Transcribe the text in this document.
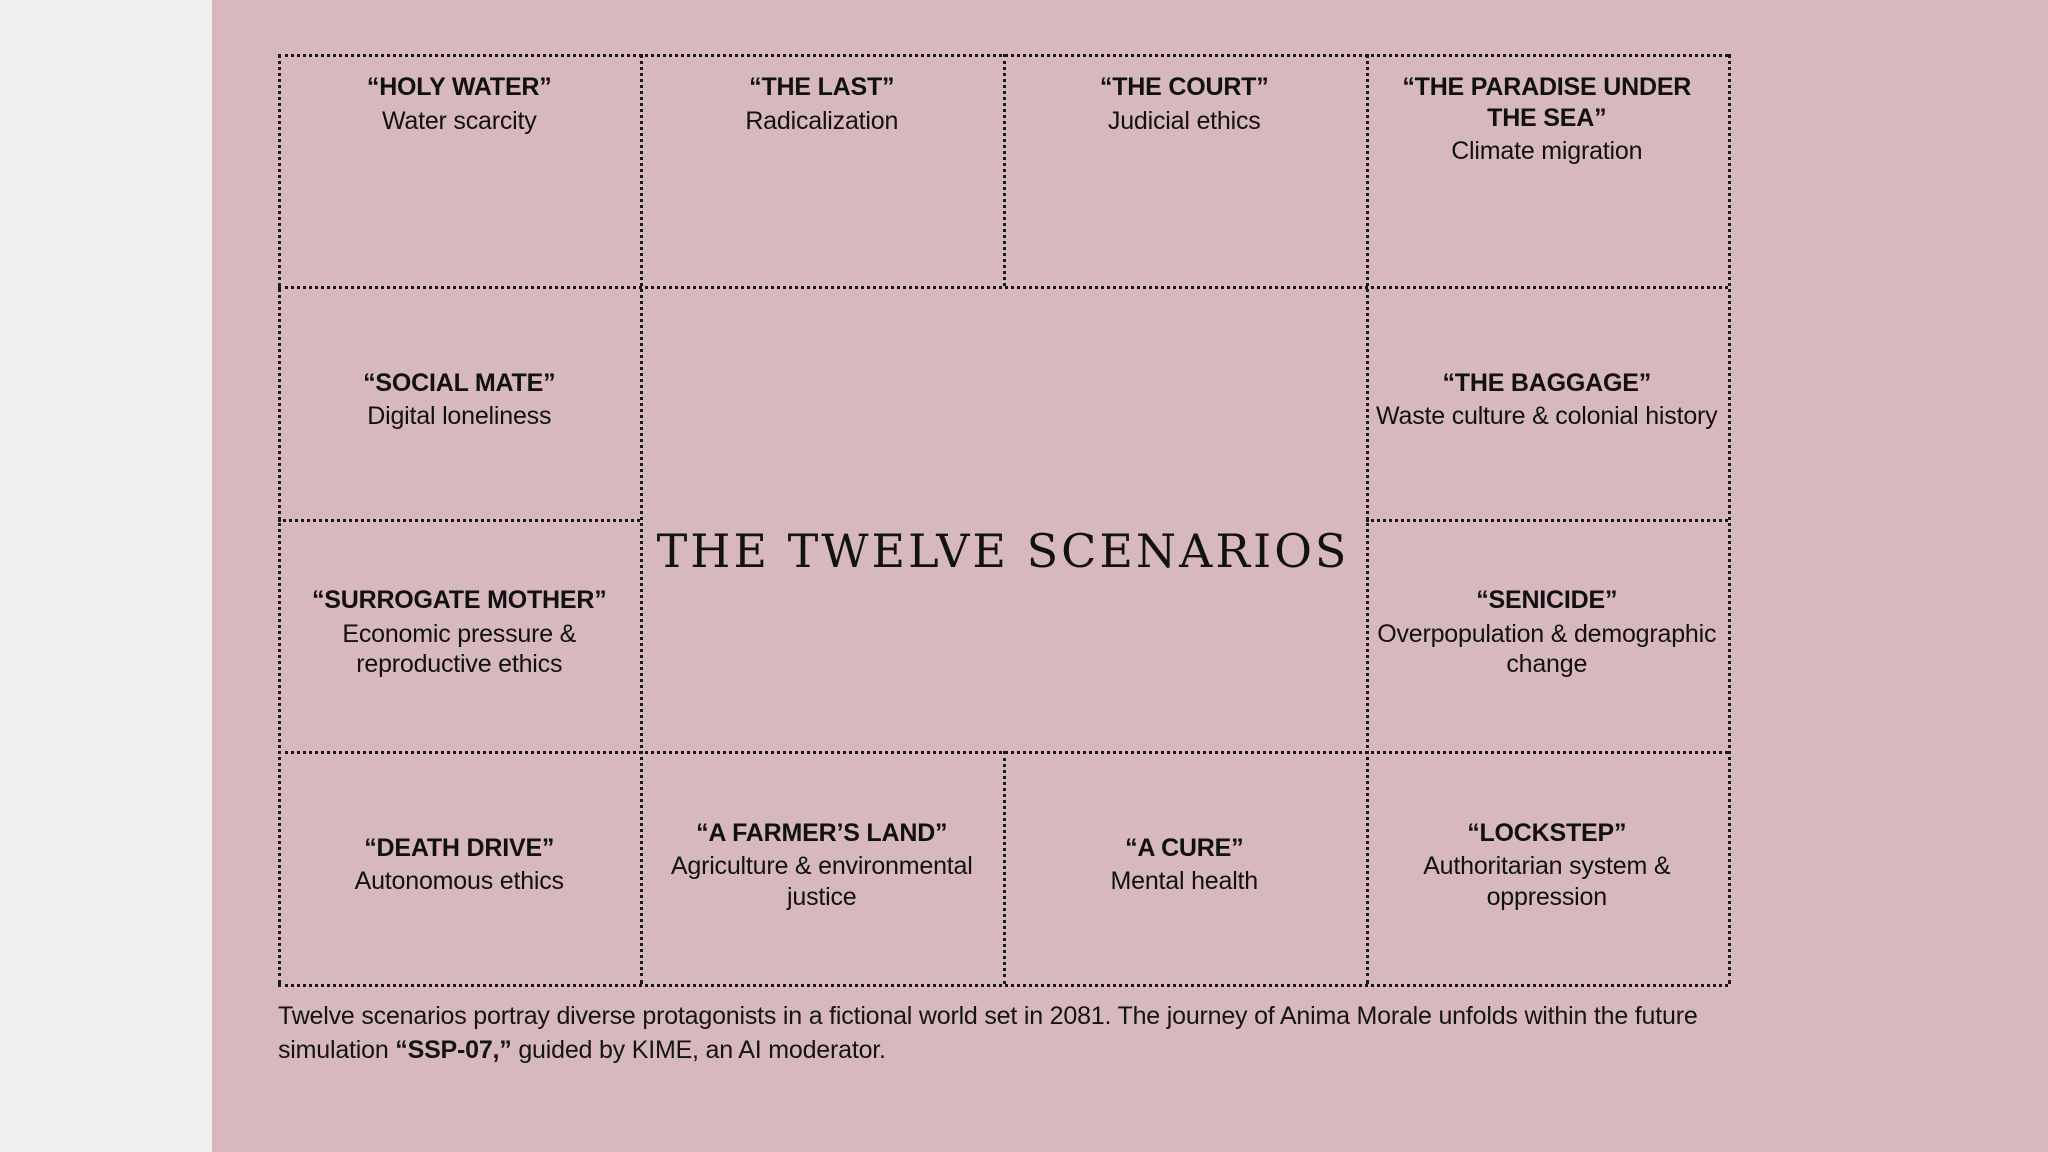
“HOLY WATER”
Water scarcity
“THE LAST”
Radicalization
“THE COURT”
Judicial ethics
“THE PARADISE UNDER THE SEA”
Climate migration
“SOCIAL MATE”
Digital loneliness
“THE BAGGAGE”
Waste culture & colonial history
“SURROGATE MOTHER”
Economic pressure & reproductive ethics
“SENICIDE”
Overpopulation & demographic change
“DEATH DRIVE”
Autonomous ethics
“A FARMER’S LAND”
Agriculture & environmental justice
“A CURE”
Mental health
“LOCKSTEP”
Authoritarian system & oppression
THE TWELVE SCENARIOS
Twelve scenarios portray diverse protagonists in a fictional world set in 2081. The journey of Anima Morale unfolds within the future simulation “SSP-07,” guided by KIME, an AI moderator.
